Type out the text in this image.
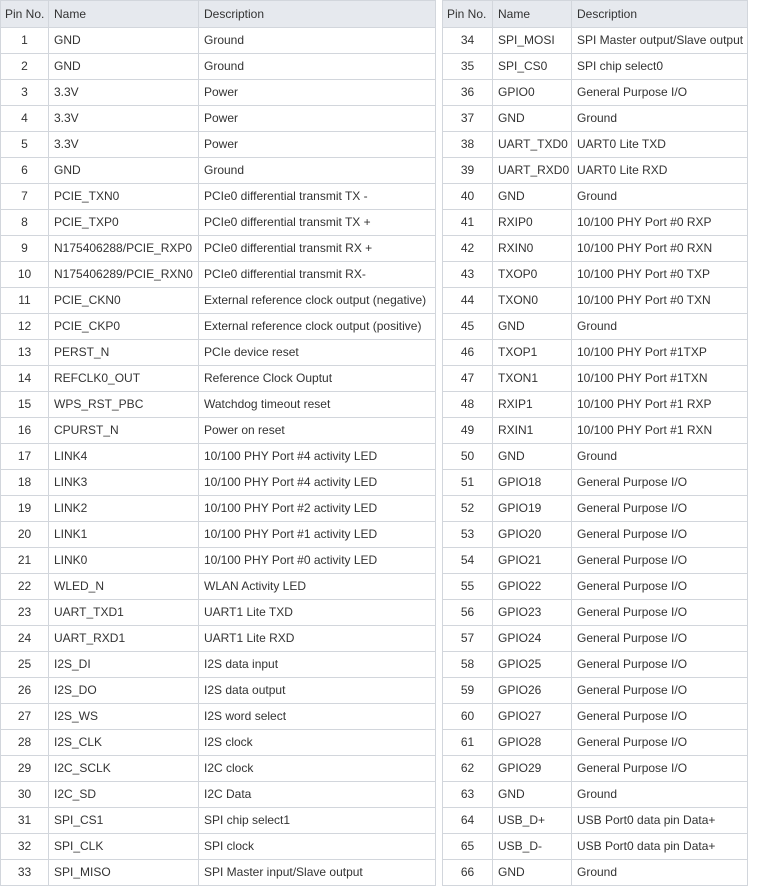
Pin No.	Name	Description
1	GND	Ground
2	GND	Ground
3	3.3V	Power
4	3.3V	Power
5	3.3V	Power
6	GND	Ground
7	PCIE_TXN0	PCIe0 differential transmit TX -
8	PCIE_TXP0	PCIe0 differential transmit TX +
9	N175406288/PCIE_RXP0	PCIe0 differential transmit RX +
10	N175406289/PCIE_RXN0	PCIe0 differential transmit RX-
11	PCIE_CKN0	External reference clock output (negative)
12	PCIE_CKP0	External reference clock output (positive)
13	PERST_N	PCIe device reset
14	REFCLK0_OUT	Reference Clock Ouptut
15	WPS_RST_PBC	Watchdog timeout reset
16	CPURST_N	Power on reset
17	LINK4	10/100 PHY Port #4 activity LED
18	LINK3	10/100 PHY Port #4 activity LED
19	LINK2	10/100 PHY Port #2 activity LED
20	LINK1	10/100 PHY Port #1 activity LED
21	LINK0	10/100 PHY Port #0 activity LED
22	WLED_N	WLAN Activity LED
23	UART_TXD1	UART1 Lite TXD
24	UART_RXD1	UART1 Lite RXD
25	I2S_DI	I2S data input
26	I2S_DO	I2S data output
27	I2S_WS	I2S word select
28	I2S_CLK	I2S clock
29	I2C_SCLK	I2C clock
30	I2C_SD	I2C Data
31	SPI_CS1	SPI chip select1
32	SPI_CLK	SPI clock
33	SPI_MISO	SPI Master input/Slave output
Pin No.	Name	Description
34	SPI_MOSI	SPI Master output/Slave output
35	SPI_CS0	SPI chip select0
36	GPIO0	General Purpose I/O
37	GND	Ground
38	UART_TXD0	UART0 Lite TXD
39	UART_RXD0	UART0 Lite RXD
40	GND	Ground
41	RXIP0	10/100 PHY Port #0 RXP
42	RXIN0	10/100 PHY Port #0 RXN
43	TXOP0	10/100 PHY Port #0 TXP
44	TXON0	10/100 PHY Port #0 TXN
45	GND	Ground
46	TXOP1	10/100 PHY Port #1TXP
47	TXON1	10/100 PHY Port #1TXN
48	RXIP1	10/100 PHY Port #1 RXP
49	RXIN1	10/100 PHY Port #1 RXN
50	GND	Ground
51	GPIO18	General Purpose I/O
52	GPIO19	General Purpose I/O
53	GPIO20	General Purpose I/O
54	GPIO21	General Purpose I/O
55	GPIO22	General Purpose I/O
56	GPIO23	General Purpose I/O
57	GPIO24	General Purpose I/O
58	GPIO25	General Purpose I/O
59	GPIO26	General Purpose I/O
60	GPIO27	General Purpose I/O
61	GPIO28	General Purpose I/O
62	GPIO29	General Purpose I/O
63	GND	Ground
64	USB_D+	USB Port0 data pin Data+
65	USB_D-	USB Port0 data pin Data+
66	GND	Ground
